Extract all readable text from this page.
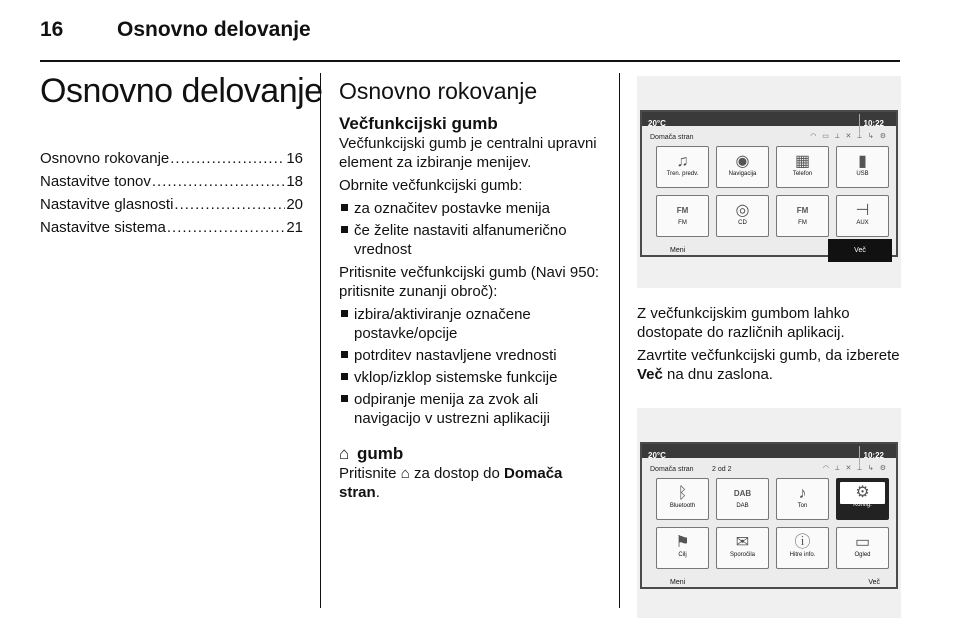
16	Osnovno delovanje
Osnovno delovanje
Osnovno rokovanje .....	16
Nastavitve tonov .....	18
Nastavitve glasnosti .....	20
Nastavitve sistema .....	21
Osnovno rokovanje
Večfunkcijski gumb
Večfunkcijski gumb je centralni upravni element za izbiranje menijev.
Obrnite večfunkcijski gumb:
za označitev postavke menija
če želite nastaviti alfanumerično vrednost
Pritisnite večfunkcijski gumb (Navi 950: pritisnite zunanji obroč):
izbira/aktiviranje označene postavke/opcije
potrditev nastavljene vrednosti
vklop/izklop sistemske funkcije
odpiranje menija za zvok ali navigacijo v ustrezni aplikaciji
⌂ gumb
Pritisnite ⌂ za dostop do Domača stran.
20°C	10:22
Domača stran	◠ ▭ ⟂ ✕ ⟂ ↳ ⚙
♫
Tren. predv.
◉
Navigacija
▦
Telefon
▮
USB
FM
FM
◎
CD
FM
FM
⊣
AUX
Meni	Več
Z večfunkcijskim gumbom lahko dostopate do različnih aplikacij.
Zavrtite večfunkcijski gumb, da izberete Več na dnu zaslona.
20°C	10:22
Domača stran	2 od 2	◠ ⟂ ✕ ⟂ ↳ ⚙
ᛒ
Bluetooth
DAB
DAB
♪
Ton
⚙
Konfig.
⚑
Cilj
✉
Sporočila
ⓘ
Hitre info.
▭
Ogled
Meni	Več
